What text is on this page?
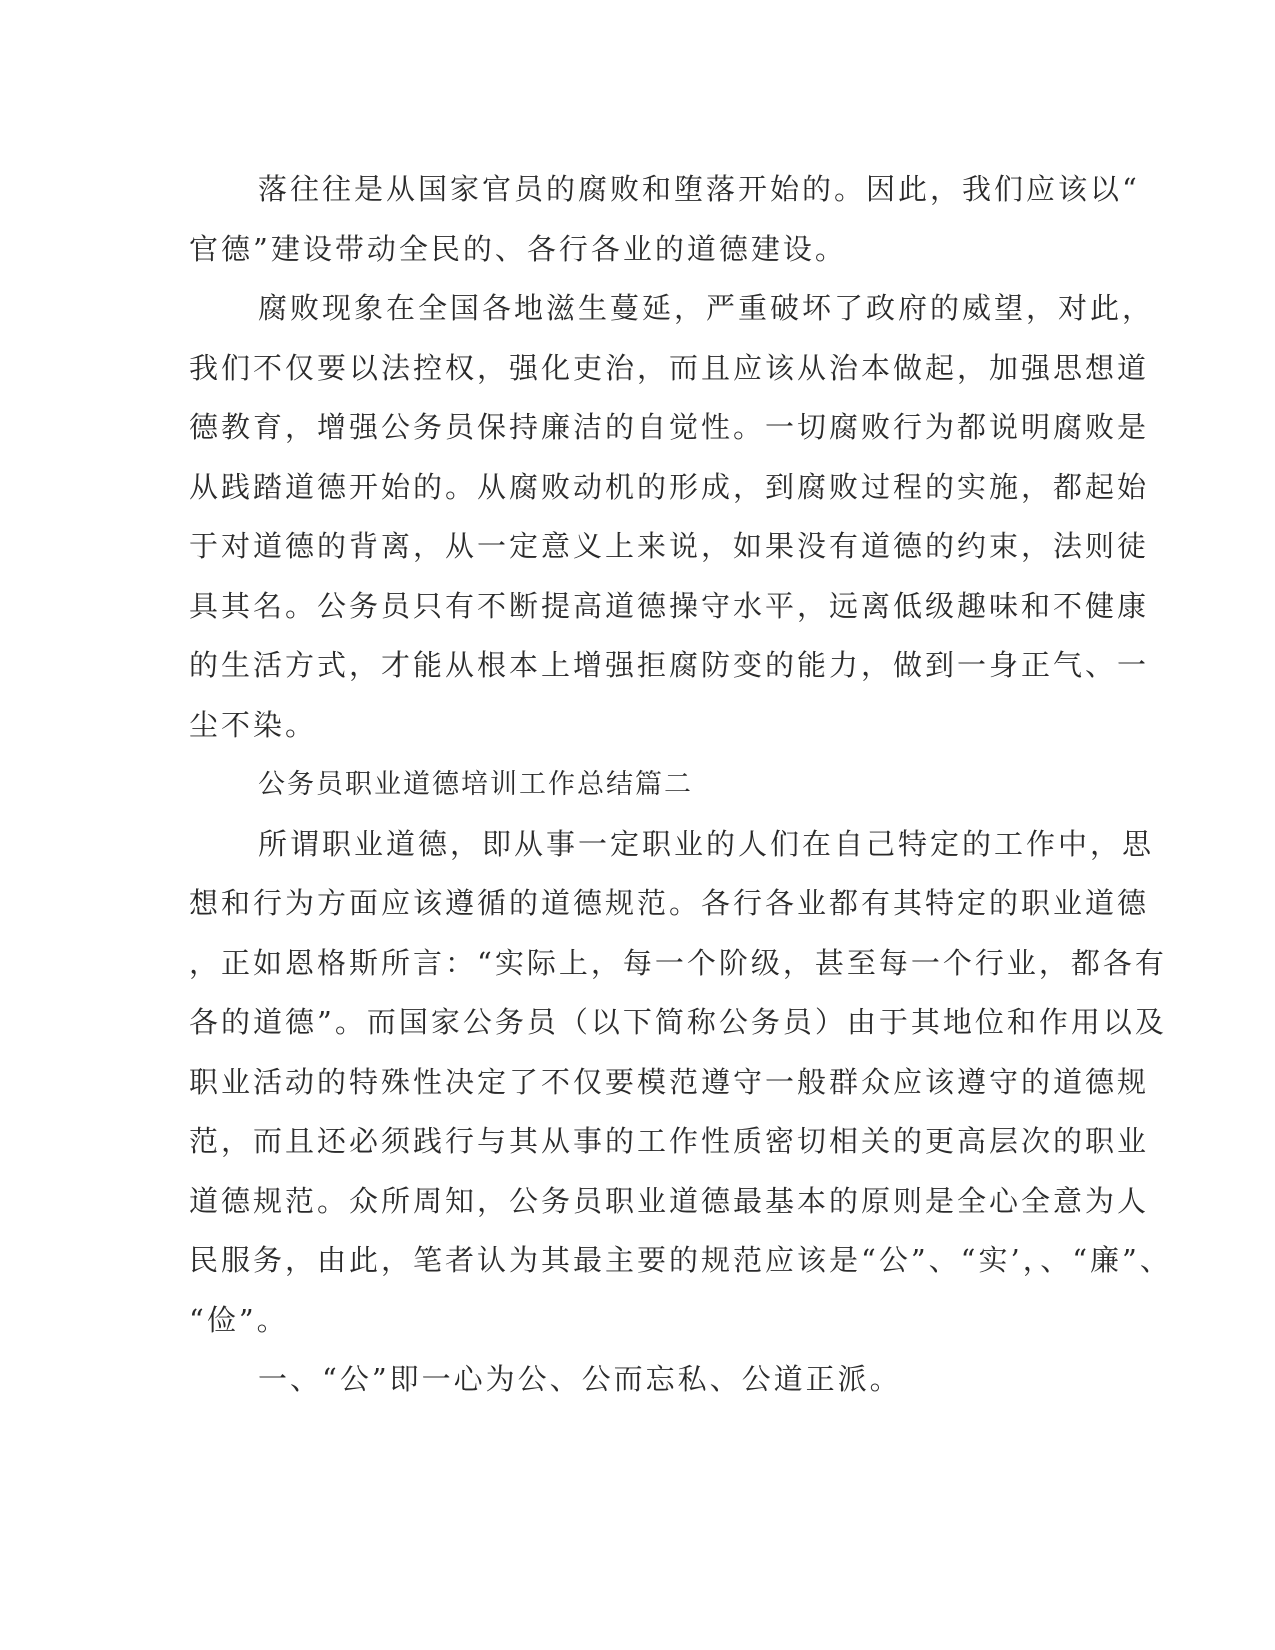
落往往是从国家官员的腐败和堕落开始的。因此，我们应该以“

官德”建设带动全民的、各行各业的道德建设。

腐败现象在全国各地滋生蔓延，严重破坏了政府的威望，对此，

我们不仅要以法控权，强化吏治，而且应该从治本做起，加强思想道

德教育，增强公务员保持廉洁的自觉性。一切腐败行为都说明腐败是

从践踏道德开始的。从腐败动机的形成，到腐败过程的实施，都起始

于对道德的背离，从一定意义上来说，如果没有道德的约束，法则徒

具其名。公务员只有不断提高道德操守水平，远离低级趣味和不健康

的生活方式，才能从根本上增强拒腐防变的能力，做到一身正气、一

尘不染。

公务员职业道德培训工作总结篇二

所谓职业道德，即从事一定职业的人们在自己特定的工作中，思

想和行为方面应该遵循的道德规范。各行各业都有其特定的职业道德

，正如恩格斯所言：“实际上，每一个阶级，甚至每一个行业，都各有

各的道德”。而国家公务员（以下简称公务员）由于其地位和作用以及

职业活动的特殊性决定了不仅要模范遵守一般群众应该遵守的道德规

范，而且还必须践行与其从事的工作性质密切相关的更高层次的职业

道德规范。众所周知，公务员职业道德最基本的原则是全心全意为人

民服务，由此，笔者认为其最主要的规范应该是“公”、“实’，、“廉”、

“俭”。

一、“公”即一心为公、公而忘私、公道正派。
